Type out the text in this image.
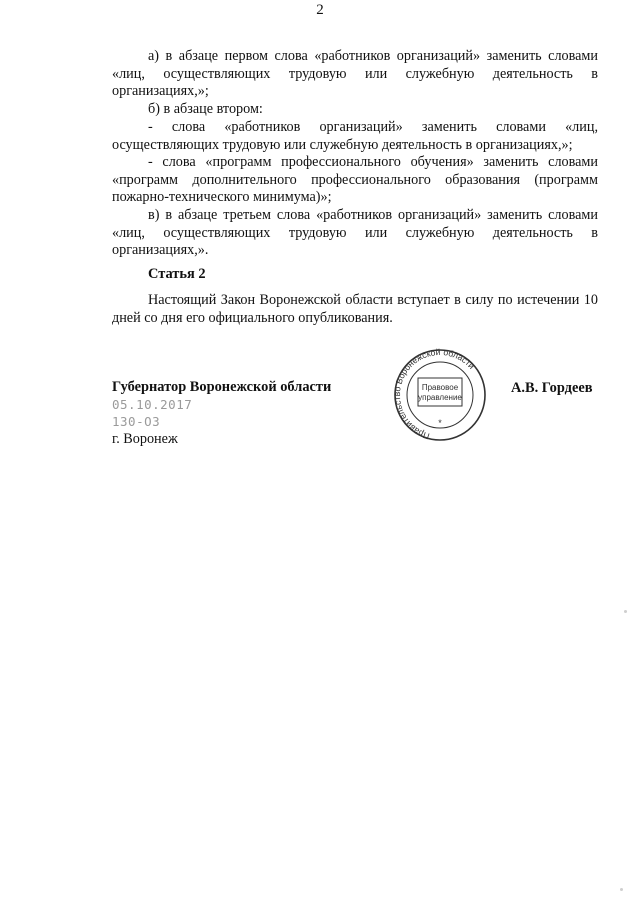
2

а) в абзаце первом слова «работников организаций» заменить словами «лиц, осуществляющих трудовую или служебную деятельность в организациях,»;

б) в абзаце втором:

- слова «работников организаций» заменить словами «лиц, осуществляющих трудовую или служебную деятельность в организациях,»;

- слова «программ профессионального обучения» заменить словами «программ дополнительного профессионального образования (программ пожарно-технического минимума)»;

в) в абзаце третьем слова «работников организаций» заменить словами «лиц, осуществляющих трудовую или служебную деятельность в организациях,».

Статья 2

Настоящий Закон Воронежской области вступает в силу по истечении 10 дней со дня его официального опубликования.

Губернатор Воронежской области	А.В. Гордеев
05.10.2017
130-ОЗ
г. Воронеж	Правительство Воронежской области
Правовое
управление
*
